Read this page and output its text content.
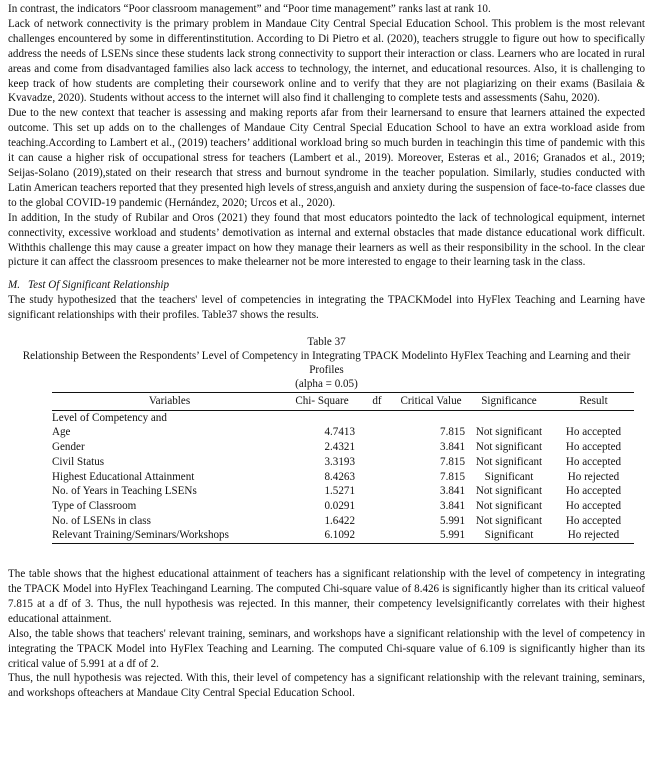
In contrast, the indicators “Poor classroom management” and “Poor time management” ranks last at rank 10.

Lack of network connectivity is the primary problem in Mandaue City Central Special Education School. This problem is the most relevant challenges encountered by some in differentinstitution. According to Di Pietro et al. (2020), teachers struggle to figure out how to specifically address the needs of LSENs since these students lack strong connectivity to support their interaction or class. Learners who are located in rural areas and come from disadvantaged families also lack access to technology, the internet, and educational resources. Also, it is challenging to keep track of how students are completing their coursework online and to verify that they are not plagiarizing on their exams (Basilaia & Kvavadze, 2020). Students without access to the internet will also find it challenging to complete tests and assessments (Sahu, 2020).

Due to the new context that teacher is assessing and making reports afar from their learnersand to ensure that learners attained the expected outcome. This set up adds on to the challenges of Mandaue City Central Special Education School to have an extra workload aside from teaching.According to Lambert et al., (2019) teachers’ additional workload bring so much burden in teachingin this time of pandemic with this it can cause a higher risk of occupational stress for teachers (Lambert et al., 2019). Moreover, Esteras et al., 2016; Granados et al., 2019; Seijas-Solano (2019),stated on their research that stress and burnout syndrome in the teacher population. Similarly, studies conducted with Latin American teachers reported that they presented high levels of stress,anguish and anxiety during the suspension of face-to-face classes due to the global COVID-19 pandemic (Hernández, 2020; Urcos et al., 2020).

In addition, In the study of Rubilar and Oros (2021) they found that most educators pointedto the lack of technological equipment, internet connectivity, excessive workload and students’ demotivation as internal and external obstacles that made distance educational work difficult. Withthis challenge this may cause a greater impact on how they manage their learners as well as their responsibility in the school. In the clear picture it can affect the classroom presences to make thelearner not be more interested to engage to their learning task in the class.

M. Test Of Significant Relationship

The study hypothesized that the teachers' level of competencies in integrating the TPACKModel into HyFlex Teaching and Learning have significant relationships with their profiles. Table37 shows the results.

Table 37
Relationship Between the Respondents’ Level of Competency in Integrating TPACK Modelinto HyFlex Teaching and Learning and their Profiles
(alpha = 0.05)
Variables	Chi- Square	df	Critical Value	Significance	Result
Level of Competency and					
Age	4.7413		7.815	Not significant	Ho accepted
Gender	2.4321		3.841	Not significant	Ho accepted
Civil Status	3.3193		7.815	Not significant	Ho accepted
Highest Educational Attainment	8.4263		7.815	Significant	Ho rejected
No. of Years in Teaching LSENs	1.5271		3.841	Not significant	Ho accepted
Type of Classroom	0.0291		3.841	Not significant	Ho accepted
No. of LSENs in class	1.6422		5.991	Not significant	Ho accepted
Relevant Training/Seminars/Workshops	6.1092		5.991	Significant	Ho rejected

The table shows that the highest educational attainment of teachers has a significant relationship with the level of competency in integrating the TPACK Model into HyFlex Teachingand Learning. The computed Chi-square value of 8.426 is significantly higher than its critical valueof 7.815 at a df of 3. Thus, the null hypothesis was rejected. In this manner, their competency levelsignificantly correlates with their highest educational attainment.

Also, the table shows that teachers' relevant training, seminars, and workshops have a significant relationship with the level of competency in integrating the TPACK Model into HyFlex Teaching and Learning. The computed Chi-square value of 6.109 is significantly higher than its critical value of 5.991 at a df of 2.

Thus, the null hypothesis was rejected. With this, their level of competency has a significant relationship with the relevant training, seminars, and workshops ofteachers at Mandaue City Central Special Education School.
